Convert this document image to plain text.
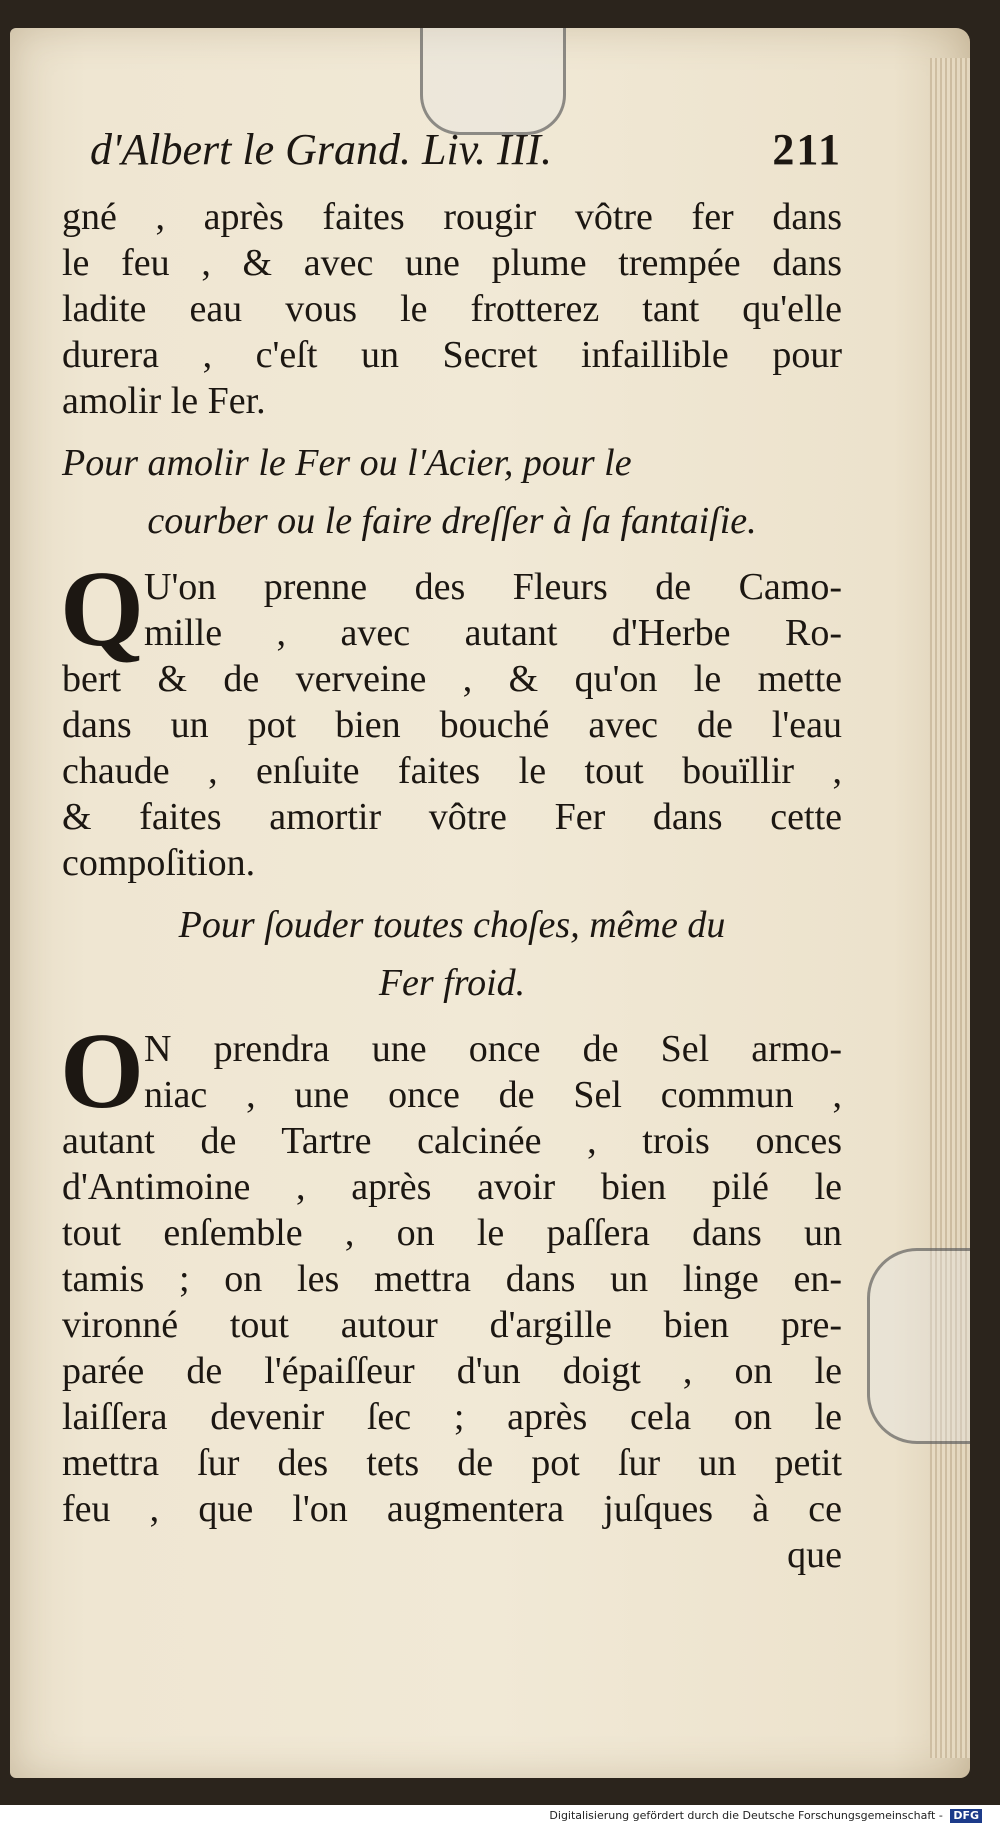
d'Albert le Grand. Liv. III.	211
gné , après faites rougir vôtre fer dans
le feu , & avec une plume trempée dans
ladite eau vous le frotterez tant qu'elle
durera , c'eſt un Secret infaillible pour
amolir le Fer.
Pour amolir le Fer ou l'Acier, pour le
courber ou le faire dreſſer à ſa fantaiſie.
Q U'on prenne des Fleurs de Camo-
mille , avec autant d'Herbe Ro-
bert & de verveine , & qu'on le mette
dans un pot bien bouché avec de l'eau
chaude , enſuite faites le tout bouïllir ,
& faites amortir vôtre Fer dans cette
compoſition.
Pour ſouder toutes choſes, même du
Fer froid.
O N prendra une once de Sel armo-
niac , une once de Sel commun ,
autant de Tartre calcinée , trois onces
d'Antimoine , après avoir bien pilé le
tout enſemble , on le paſſera dans un
tamis ; on les mettra dans un linge en-
vironné tout autour d'argille bien pre-
parée de l'épaiſſeur d'un doigt , on le
laiſſera devenir ſec ; après cela on le
mettra ſur des tets de pot ſur un petit
feu , que l'on augmentera juſques à ce
que
Digitalisierung gefördert durch die Deutsche Forschungsgemeinschaft - DFG
